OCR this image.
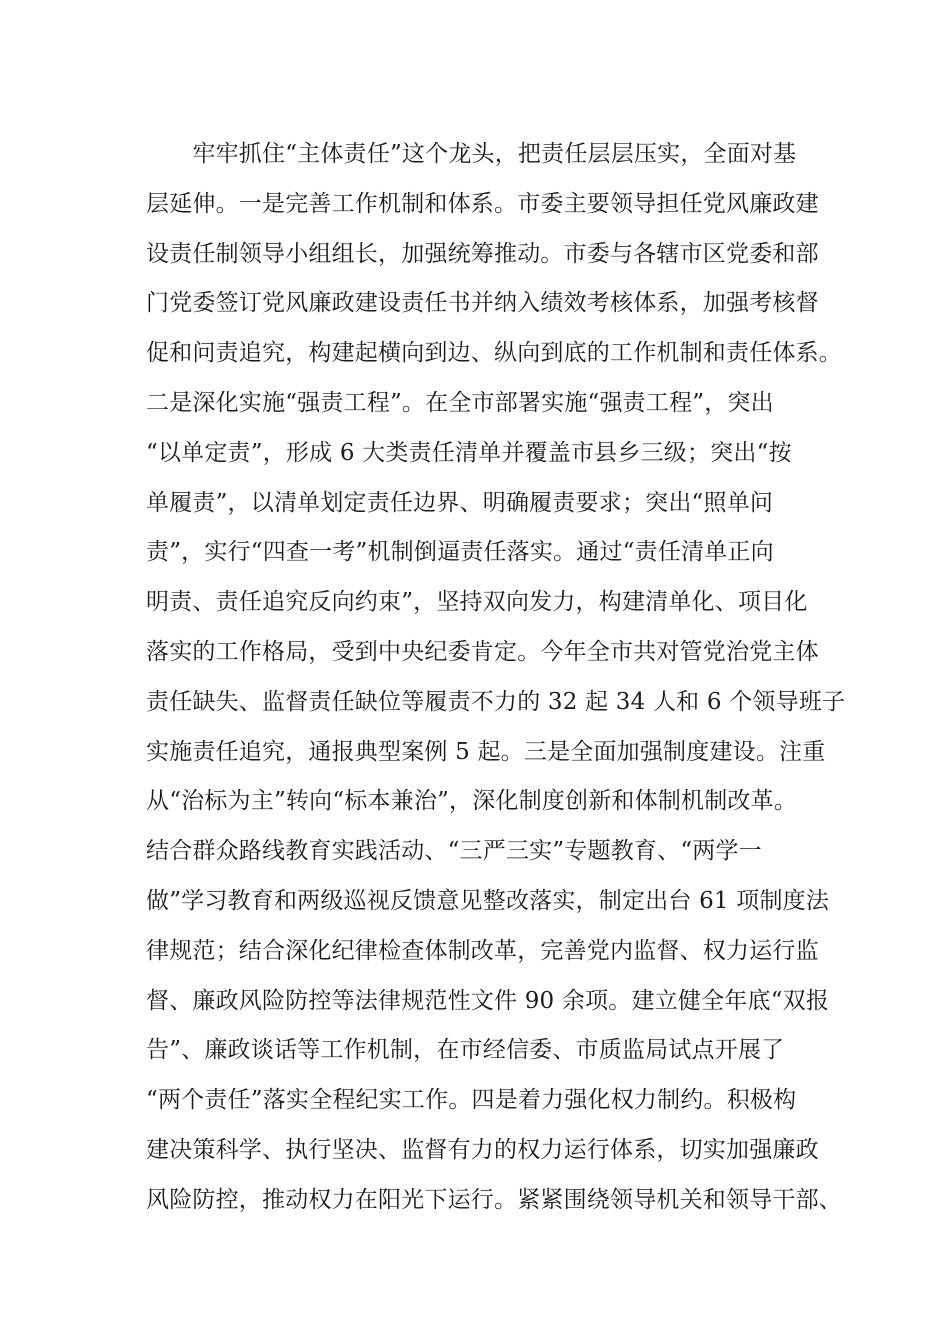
　　牢牢抓住“主体责任”这个龙头，把责任层层压实，全面对基
层延伸。一是完善工作机制和体系。市委主要领导担任党风廉政建
设责任制领导小组组长，加强统筹推动。市委与各辖市区党委和部
门党委签订党风廉政建设责任书并纳入绩效考核体系，加强考核督
促和问责追究，构建起横向到边、纵向到底的工作机制和责任体系。
二是深化实施“强责工程”。在全市部署实施“强责工程”，突出
“以单定责”，形成 6 大类责任清单并覆盖市县乡三级；突出“按
单履责”，以清单划定责任边界、明确履责要求；突出“照单问
责”，实行“四查一考”机制倒逼责任落实。通过“责任清单正向
明责、责任追究反向约束”，坚持双向发力，构建清单化、项目化
落实的工作格局，受到中央纪委肯定。今年全市共对管党治党主体
责任缺失、监督责任缺位等履责不力的 32 起 34 人和 6 个领导班子
实施责任追究，通报典型案例 5 起。三是全面加强制度建设。注重
从“治标为主”转向“标本兼治”，深化制度创新和体制机制改革。
结合群众路线教育实践活动、“三严三实”专题教育、“两学一
做”学习教育和两级巡视反馈意见整改落实，制定出台 61 项制度法
律规范；结合深化纪律检查体制改革，完善党内监督、权力运行监
督、廉政风险防控等法律规范性文件 90 余项。建立健全年底“双报
告”、廉政谈话等工作机制，在市经信委、市质监局试点开展了
“两个责任”落实全程纪实工作。四是着力强化权力制约。积极构
建决策科学、执行坚决、监督有力的权力运行体系，切实加强廉政
风险防控，推动权力在阳光下运行。紧紧围绕领导机关和领导干部、
